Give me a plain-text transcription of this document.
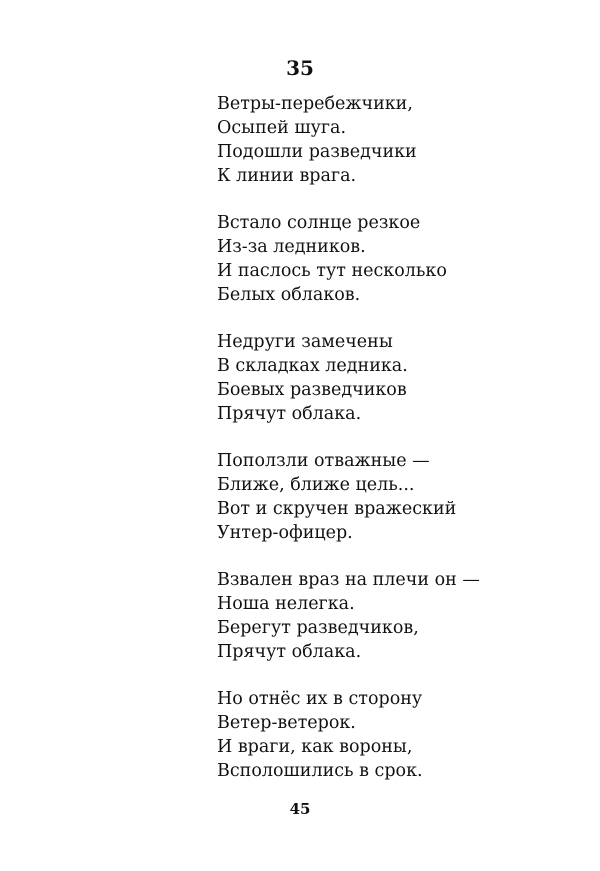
35
Ветры-перебежчики,
Осыпей шуга.
Подошли разведчики
К линии врага.
Встало солнце резкое
Из-за ледников.
И паслось тут несколько
Белых облаков.
Недруги замечены
В складках ледника.
Боевых разведчиков
Прячут облака.
Поползли отважные —
Ближе, ближе цель...
Вот и скручен вражеский
Унтер-офицер.
Взвален враз на плечи он —
Ноша нелегка.
Берегут разведчиков,
Прячут облака.
Но отнёс их в сторону
Ветер-ветерок.
И враги, как вороны,
Всполошились в срок.
45
